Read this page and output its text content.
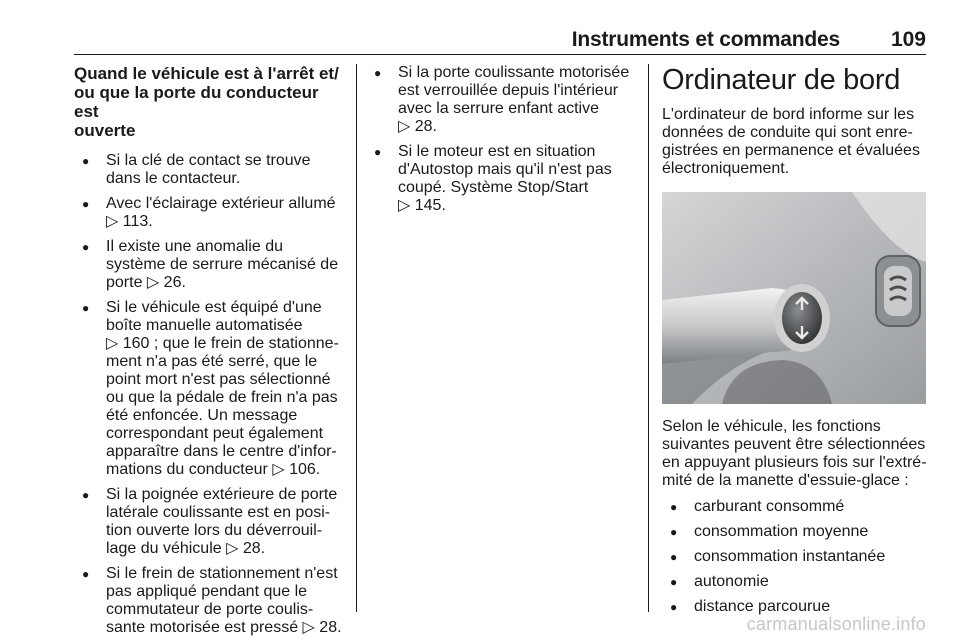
Instruments et commandes 109
Quand le véhicule est à l'arrêt et/
ou que la porte du conducteur est
ouverte
● Si la clé de contact se trouve
dans le contacteur.
● Avec l'éclairage extérieur allumé
▷ 113.
● Il existe une anomalie du
système de serrure mécanisé de
porte ▷ 26.
● Si le véhicule est équipé d'une
boîte manuelle automatisée
▷ 160 ; que le frein de stationne-
ment n'a pas été serré, que le
point mort n'est pas sélectionné
ou que la pédale de frein n'a pas
été enfoncée. Un message
correspondant peut également
apparaître dans le centre d'infor-
mations du conducteur ▷ 106.
● Si la poignée extérieure de porte
latérale coulissante est en posi-
tion ouverte lors du déverrouil-
lage du véhicule ▷ 28.
● Si le frein de stationnement n'est
pas appliqué pendant que le
commutateur de porte coulis-
sante motorisée est pressé ▷ 28.
● Si la porte coulissante motorisée
est verrouillée depuis l'intérieur
avec la serrure enfant active
▷ 28.
● Si le moteur est en situation
d'Autostop mais qu'il n'est pas
coupé. Système Stop/Start
▷ 145.
Ordinateur de bord

L'ordinateur de bord informe sur les
données de conduite qui sont enre-
gistrées en permanence et évaluées
électroniquement.

Selon le véhicule, les fonctions
suivantes peuvent être sélectionnées
en appuyant plusieurs fois sur l'extré-
mité de la manette d'essuie-glace :

● carburant consommé
● consommation moyenne
● consommation instantanée
● autonomie
● distance parcourue
carmanualsonline.info
